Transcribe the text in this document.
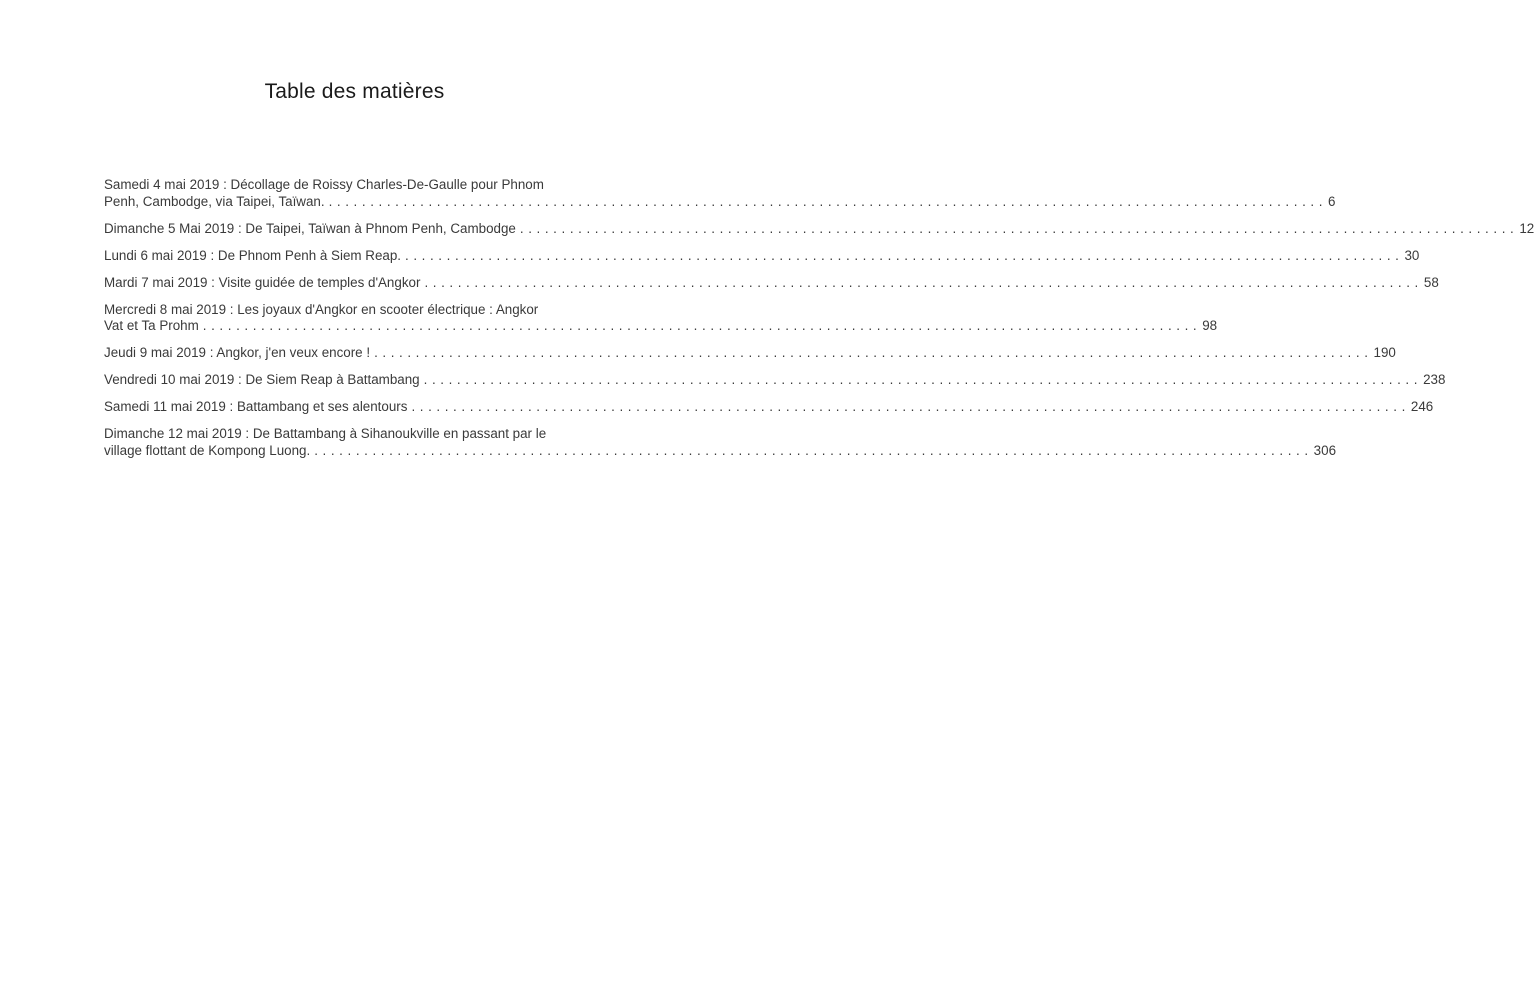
Table des matières
Samedi 4 mai 2019 : Décollage de Roissy Charles-De-Gaulle pour Phnom
Penh, Cambodge, via Taipei, Taïwan. ........................................................................................................................ 6
Dimanche 5 Mai 2019 : De Taipei, Taïwan à Phnom Penh, Cambodge ........................................................................................................................ 12
Lundi 6 mai 2019 : De Phnom Penh à Siem Reap. ........................................................................................................................ 30
Mardi 7 mai 2019 : Visite guidée de temples d'Angkor ........................................................................................................................ 58
Mercredi 8 mai 2019 : Les joyaux d'Angkor en scooter électrique : Angkor
Vat et Ta Prohm ........................................................................................................................ 98
Jeudi 9 mai 2019 : Angkor, j'en veux encore ! ........................................................................................................................ 190
Vendredi 10 mai 2019 : De Siem Reap à Battambang ........................................................................................................................ 238
Samedi 11 mai 2019 : Battambang et ses alentours ........................................................................................................................ 246
Dimanche 12 mai 2019 : De Battambang à Sihanoukville en passant par le
village flottant de Kompong Luong. ........................................................................................................................ 306
